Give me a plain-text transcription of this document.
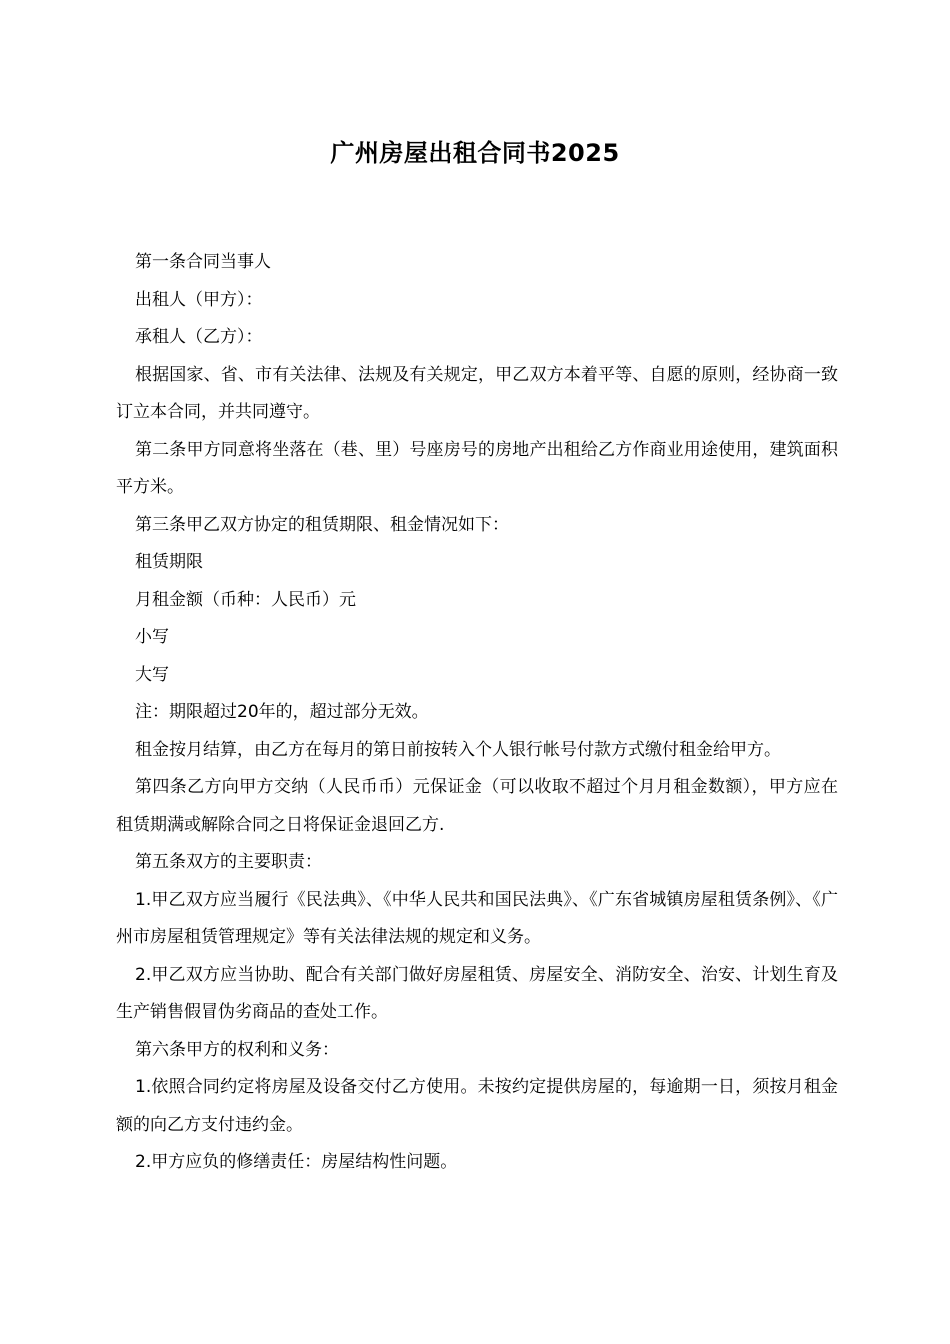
广州房屋出租合同书2025

第一条合同当事人

出租人（甲方）：

承租人（乙方）：

根据国家、省、市有关法律、法规及有关规定，甲乙双方本着平等、自愿的原则，经协商一致订立本合同，并共同遵守。

第二条甲方同意将坐落在（巷、里）号座房号的房地产出租给乙方作商业用途使用，建筑面积平方米。

第三条甲乙双方协定的租赁期限、租金情况如下：

租赁期限

月租金额（币种：人民币）元

小写

大写

注：期限超过20年的，超过部分无效。

租金按月结算，由乙方在每月的第日前按转入个人银行帐号付款方式缴付租金给甲方。

第四条乙方向甲方交纳（人民币币）元保证金（可以收取不超过个月月租金数额），甲方应在租赁期满或解除合同之日将保证金退回乙方.

第五条双方的主要职责：

1.甲乙双方应当履行《民法典》、《中华人民共和国民法典》、《广东省城镇房屋租赁条例》、《广州市房屋租赁管理规定》等有关法律法规的规定和义务。

2.甲乙双方应当协助、配合有关部门做好房屋租赁、房屋安全、消防安全、治安、计划生育及生产销售假冒伪劣商品的查处工作。

第六条甲方的权利和义务：

1.依照合同约定将房屋及设备交付乙方使用。未按约定提供房屋的，每逾期一日，须按月租金额的向乙方支付违约金。

2.甲方应负的修缮责任：房屋结构性问题。
